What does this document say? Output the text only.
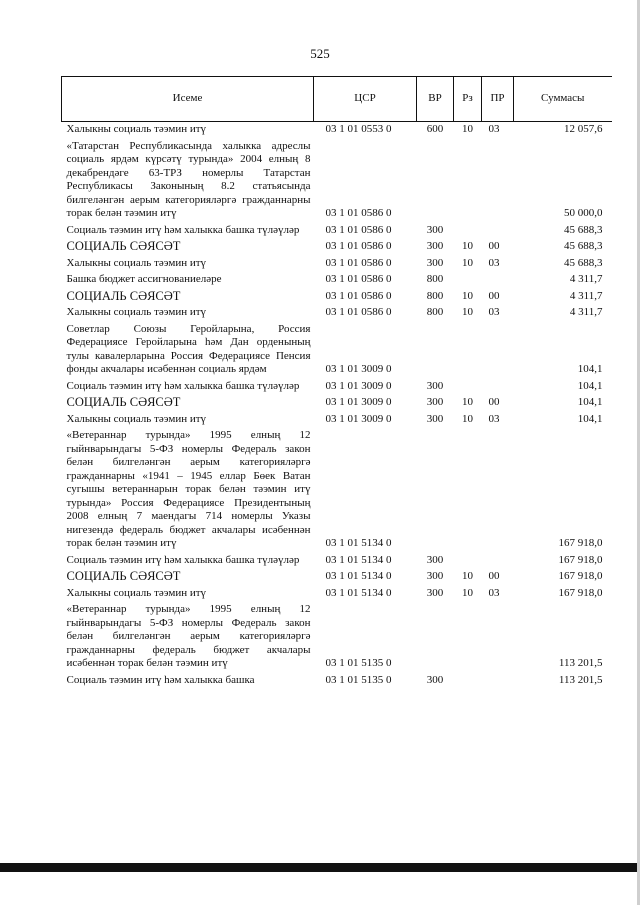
525
Исеме	ЦСР	ВР	Рз	ПР	Суммасы
Халыкны социаль тәэмин итү	03 1 01 0553 0	600	10	03	12 057,6
«Татарстан Республикасында халыкка адреслы социаль ярдәм күрсәтү турында» 2004 елның 8 декабрендәге 63-ТРЗ номерлы Татарстан Республикасы Законының 8.2 статьясында билгеләнгән аерым категорияләргә гражданнарны торак белән тәэмин итү	03 1 01 0586 0				50 000,0
Социаль тәэмин итү һәм халыкка башка түләүләр	03 1 01 0586 0	300			45 688,3
СОЦИАЛЬ СӘЯСӘТ	03 1 01 0586 0	300	10	00	45 688,3
Халыкны социаль тәэмин итү	03 1 01 0586 0	300	10	03	45 688,3
Башка бюджет ассигнованиеләре	03 1 01 0586 0	800			4 311,7
СОЦИАЛЬ СӘЯСӘТ	03 1 01 0586 0	800	10	00	4 311,7
Халыкны социаль тәэмин итү	03 1 01 0586 0	800	10	03	4 311,7
Советлар Союзы Геройларына, Россия Федерациясе Геройларына һәм Дан орденының тулы кавалерларына Россия Федерациясе Пенсия фонды акчалары исәбеннән социаль ярдәм	03 1 01 3009 0				104,1
Социаль тәэмин итү һәм халыкка башка түләүләр	03 1 01 3009 0	300			104,1
СОЦИАЛЬ СӘЯСӘТ	03 1 01 3009 0	300	10	00	104,1
Халыкны социаль тәэмин итү	03 1 01 3009 0	300	10	03	104,1
«Ветераннар турында» 1995 елның 12 гыйнварындагы 5-ФЗ номерлы Федераль закон белән билгеләнгән аерым категорияләргә гражданнарны «1941 – 1945 еллар Бөек Ватан сугышы ветераннарын торак белән тәэмин итү турында» Россия Федерациясе Президентының 2008 елның 7 маендагы 714 номерлы Указы нигезендә федераль бюджет акчалары исәбеннән торак белән тәэмин итү	03 1 01 5134 0				167 918,0
Социаль тәэмин итү һәм халыкка башка түләүләр	03 1 01 5134 0	300			167 918,0
СОЦИАЛЬ СӘЯСӘТ	03 1 01 5134 0	300	10	00	167 918,0
Халыкны социаль тәэмин итү	03 1 01 5134 0	300	10	03	167 918,0
«Ветераннар турында» 1995 елның 12 гыйнварындагы 5-ФЗ номерлы Федераль закон белән билгеләнгән аерым категорияләргә гражданнарны федераль бюджет акчалары исәбеннән торак белән тәэмин итү	03 1 01 5135 0				113 201,5
Социаль тәэмин итү һәм халыкка башка	03 1 01 5135 0	300			113 201,5
